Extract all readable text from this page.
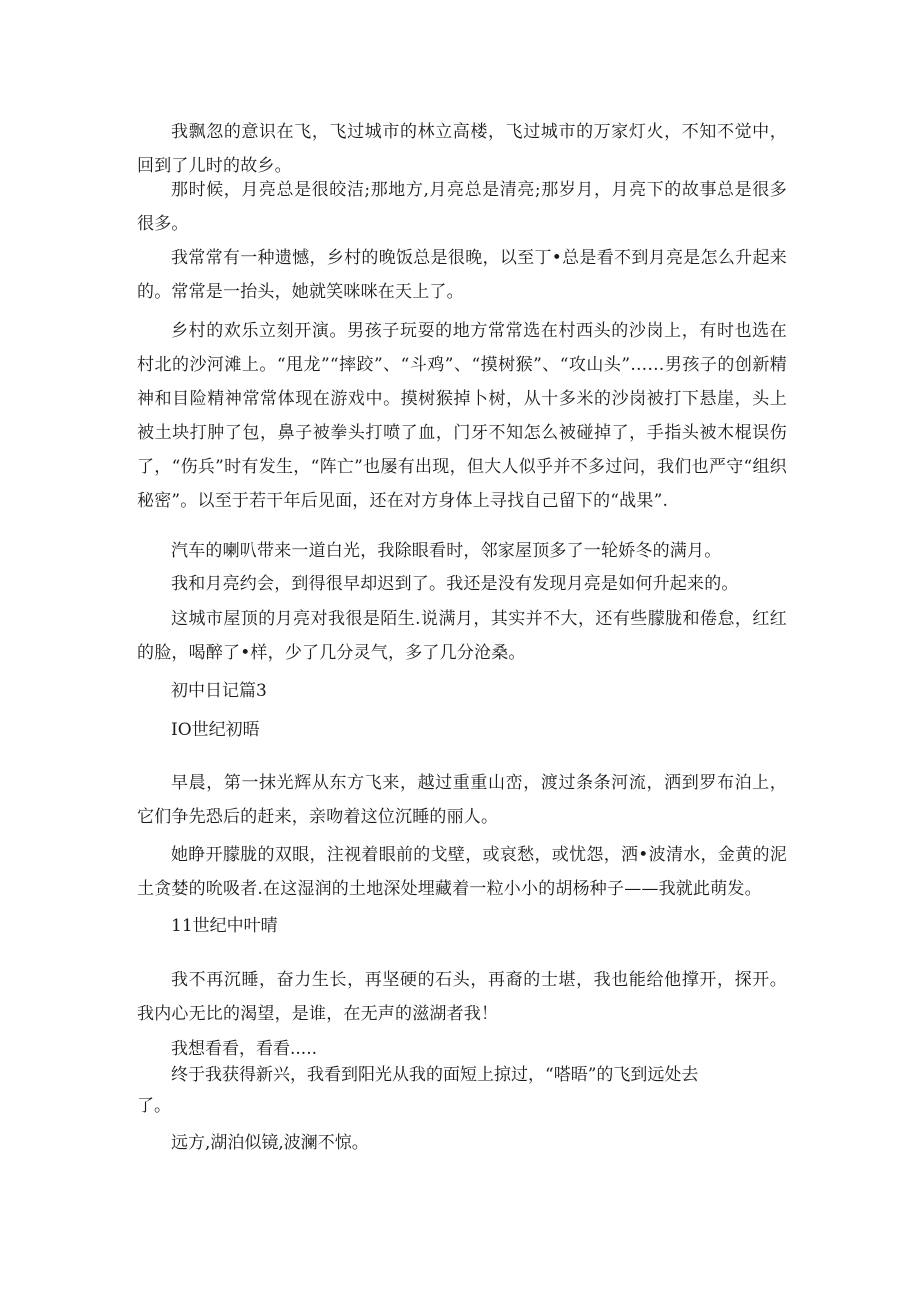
我飘忽的意识在飞，飞过城市的林立高楼，飞过城市的万家灯火，不知不觉中，回到了儿时的故乡。

那时候，月亮总是很皎洁;那地方,月亮总是清亮;那岁月，月亮下的故事总是很多很多。

我常常有一种遗憾，乡村的晚饭总是很晚，以至丁•总是看不到月亮是怎么升起来的。常常是一抬头，她就笑咪咪在天上了。

乡村的欢乐立刻开演。男孩子玩耍的地方常常选在村西头的沙岗上，有时也选在村北的沙河滩上。“甩龙”“摔跤”、“斗鸡”、“摸树猴”、“攻山头”……男孩子的创新精神和目险精神常常体现在游戏中。摸树猴掉卜树，从十多米的沙岗被打下悬崖，头上被土块打肿了包，鼻子被拳头打喷了血，门牙不知怎么被碰掉了，手指头被木棍误伤了，“伤兵”时有发生，“阵亡”也屡有出现，但大人似乎并不多过问，我们也严守“组织秘密”。以至于若干年后见面，还在对方身体上寻找自己留下的“战果”.

汽车的喇叭带来一道白光，我除眼看时，邻家屋顶多了一轮娇冬的满月。

我和月亮约会，到得很早却迟到了。我还是没有发现月亮是如何升起来的。

这城市屋顶的月亮对我很是陌生.说满月，其实并不大，还有些朦胧和倦怠，红红的脸，喝醉了•样，少了几分灵气，多了几分沧桑。

初中日记篇3

IO世纪初晤

早晨，第一抹光辉从东方飞来，越过重重山峦，渡过条条河流，洒到罗布泊上，它们争先恐后的赶来，亲吻着这位沉睡的丽人。

她睁开朦胧的双眼，注视着眼前的戈壁，或哀愁，或忧怨，洒•波清水，金黄的泥土贪婪的吮吸者.在这湿润的土地深处埋藏着一粒小小的胡杨种子——我就此萌发。

11世纪中叶晴

我不再沉睡，奋力生长，再坚硬的石头，再裔的士堪，我也能给他撑开，探开。我内心无比的渴望，是谁，在无声的滋湖者我！

我想看看，看看.....

终于我获得新兴，我看到阳光从我的面短上掠过，“嗒晤”的飞到远处去

了。

远方,湖泊似镜,波澜不惊。
